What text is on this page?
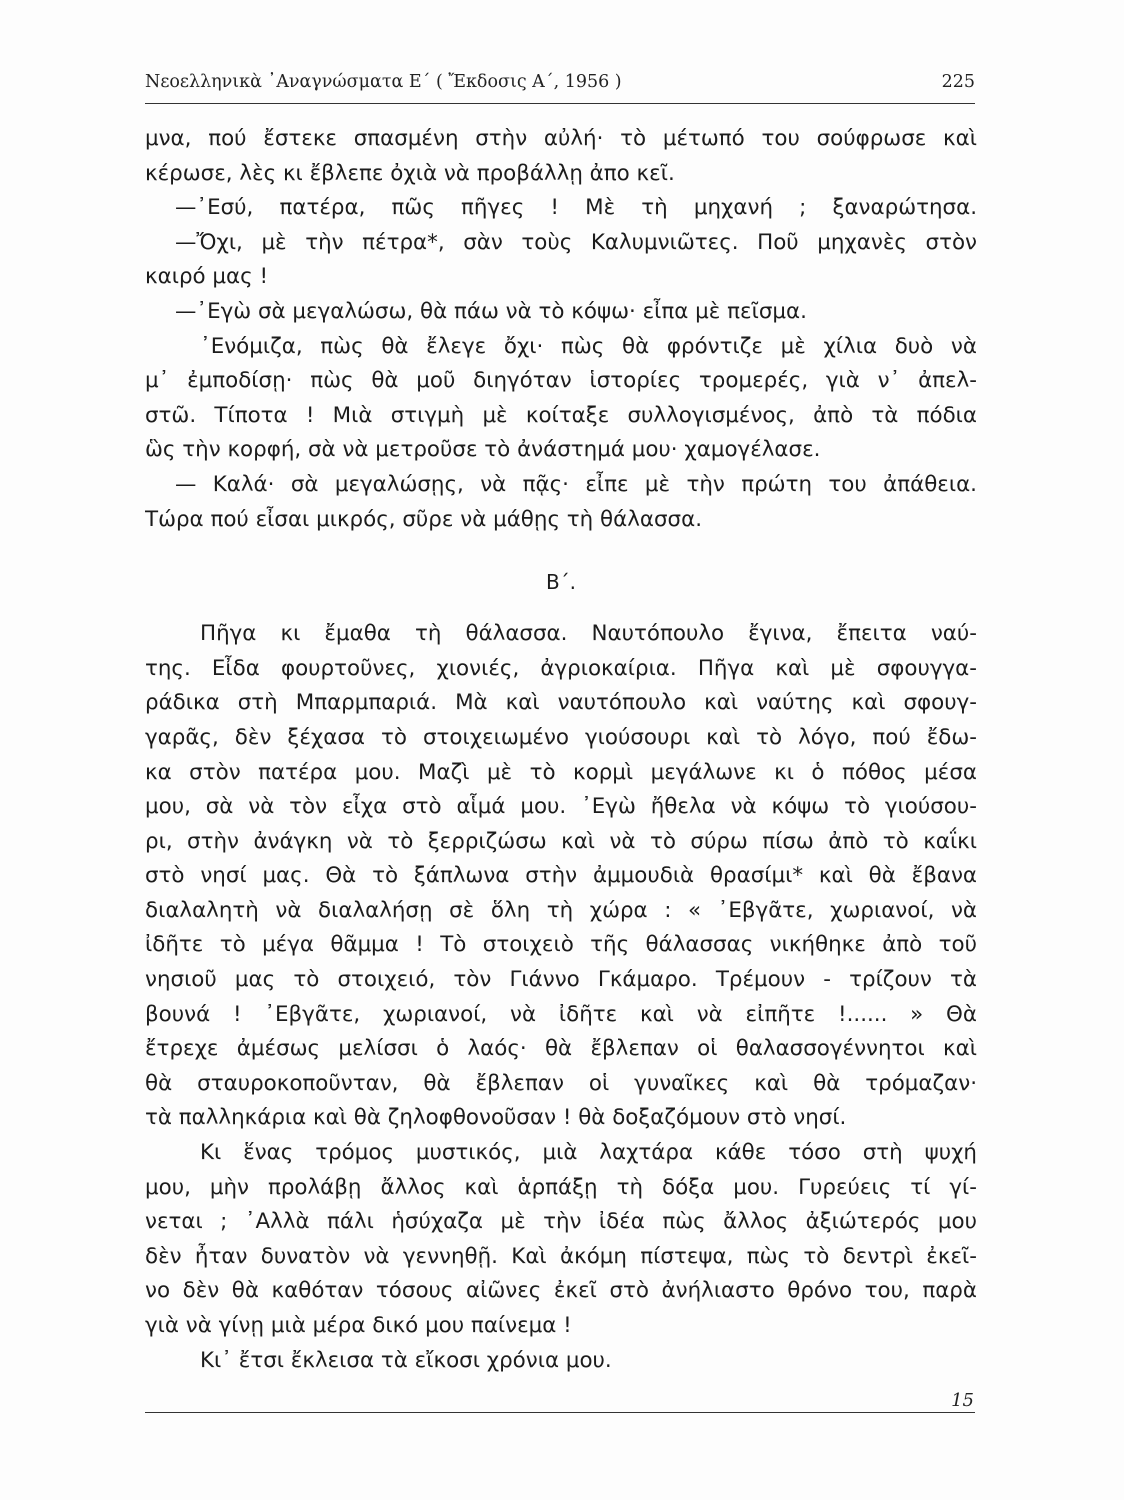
Νεοελληνικὰ ᾽Αναγνώσματα Ε΄ ( Ἔκδοσις Α΄, 1956 )	225
μνα, πού ἔστεκε σπασμένη στὴν αὐλή· τὸ μέτωπό του σούφρωσε καὶ
κέρωσε, λὲς κι ἔβλεπε ὀχιὰ νὰ προβάλλῃ ἀπο κεῖ.
—᾽Εσύ, πατέρα, πῶς πῆγες ! Μὲ τὴ μηχανή ; ξαναρώτησα.
—Ὄχι, μὲ τὴν πέτρα*, σὰν τοὺς Καλυμνιῶτες. Ποῦ μηχανὲς στὸν
καιρό μας !
—᾽Εγὼ σὰ μεγαλώσω, θὰ πάω νὰ τὸ κόψω· εἶπα μὲ πεῖσμα.
᾽Ενόμιζα, πὼς θὰ ἔλεγε ὄχι· πὼς θὰ φρόντιζε μὲ χίλια δυὸ νὰ
μ᾽ ἐμποδίσῃ· πὼς θὰ μοῦ διηγόταν ἱστορίες τρομερές, γιὰ ν᾽ ἀπελ-
στῶ. Τίποτα ! Μιὰ στιγμὴ μὲ κοίταξε συλλογισμένος, ἀπὸ τὰ πόδια
ὣς τὴν κορφή, σὰ νὰ μετροῦσε τὸ ἀνάστημά μου· χαμογέλασε.
— Καλά· σὰ μεγαλώσῃς, νὰ πᾷς· εἶπε μὲ τὴν πρώτη του ἀπάθεια.
Τώρα πού εἶσαι μικρός, σῦρε νὰ μάθῃς τὴ θάλασσα.
Β΄.
Πῆγα κι ἔμαθα τὴ θάλασσα. Ναυτόπουλο ἔγινα, ἔπειτα ναύ-
της. Εἶδα φουρτοῦνες, χιονιές, ἀγριοκαίρια. Πῆγα καὶ μὲ σφουγγα-
ράδικα στὴ Μπαρμπαριά. Μὰ καὶ ναυτόπουλο καὶ ναύτης καὶ σφουγ-
γαρᾶς, δὲν ξέχασα τὸ στοιχειωμένο γιούσουρι καὶ τὸ λόγο, πού ἔδω-
κα στὸν πατέρα μου. Μαζὶ μὲ τὸ κορμὶ μεγάλωνε κι ὁ πόθος μέσα
μου, σὰ νὰ τὸν εἶχα στὸ αἷμά μου. ᾽Εγὼ ἤθελα νὰ κόψω τὸ γιούσου-
ρι, στὴν ἀνάγκη νὰ τὸ ξερριζώσω καὶ νὰ τὸ σύρω πίσω ἀπὸ τὸ καΐκι
στὸ νησί μας. Θὰ τὸ ξάπλωνα στὴν ἀμμουδιὰ θρασίμι* καὶ θὰ ἔβανα
διαλαλητὴ νὰ διαλαλήσῃ σὲ ὅλη τὴ χώρα : « ᾽Εβγᾶτε, χωριανοί, νὰ
ἰδῆτε τὸ μέγα θᾶμμα ! Τὸ στοιχειὸ τῆς θάλασσας νικήθηκε ἀπὸ τοῦ
νησιοῦ μας τὸ στοιχειό, τὸν Γιάννο Γκάμαρο. Τρέμουν - τρίζουν τὰ
βουνά ! ᾽Εβγᾶτε, χωριανοί, νὰ ἰδῆτε καὶ νὰ εἰπῆτε !...... » Θὰ
ἔτρεχε ἀμέσως μελίσσι ὁ λαός· θὰ ἔβλεπαν οἱ θαλασσογέννητοι καὶ
θὰ σταυροκοποῦνταν, θὰ ἔβλεπαν οἱ γυναῖκες καὶ θὰ τρόμαζαν·
τὰ παλληκάρια καὶ θὰ ζηλοφθονοῦσαν ! θὰ δοξαζόμουν στὸ νησί.
Κι ἕνας τρόμος μυστικός, μιὰ λαχτάρα κάθε τόσο στὴ ψυχή
μου, μὴν προλάβῃ ἄλλος καὶ ἁρπάξῃ τὴ δόξα μου. Γυρεύεις τί γί-
νεται ; ᾽Αλλὰ πάλι ἡσύχαζα μὲ τὴν ἰδέα πὼς ἄλλος ἀξιώτερός μου
δὲν ἦταν δυνατὸν νὰ γεννηθῇ. Καὶ ἀκόμη πίστεψα, πὼς τὸ δεντρὶ ἐκεῖ-
νο δὲν θὰ καθόταν τόσους αἰῶνες ἐκεῖ στὸ ἀνήλιαστο θρόνο του, παρὰ
γιὰ νὰ γίνῃ μιὰ μέρα δικό μου παίνεμα !
Κι᾽ ἔτσι ἔκλεισα τὰ εἴκοσι χρόνια μου.
15
